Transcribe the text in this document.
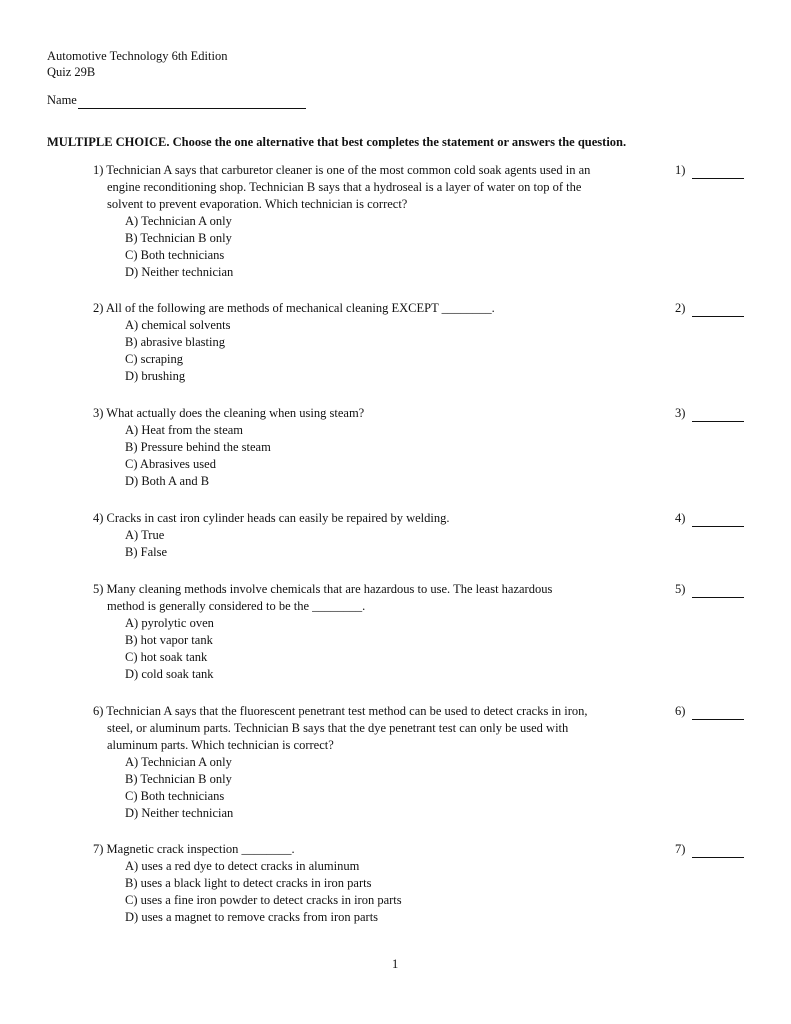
Automotive Technology 6th Edition
Quiz 29B
Name
MULTIPLE CHOICE. Choose the one alternative that best completes the statement or answers the question.
1) Technician A says that carburetor cleaner is one of the most common cold soak agents used in an
engine reconditioning shop. Technician B says that a hydroseal is a layer of water on top of the
solvent to prevent evaporation. Which technician is correct?
1)
A) Technician A only
B) Technician B only
C) Both technicians
D) Neither technician
2) All of the following are methods of mechanical cleaning EXCEPT ________.	2)
A) chemical solvents
B) abrasive blasting
C) scraping
D) brushing
3) What actually does the cleaning when using steam?	3)
A) Heat from the steam
B) Pressure behind the steam
C) Abrasives used
D) Both A and B
4) Cracks in cast iron cylinder heads can easily be repaired by welding.	4)
A) True
B) False
5) Many cleaning methods involve chemicals that are hazardous to use. The least hazardous
method is generally considered to be the ________.
5)
A) pyrolytic oven
B) hot vapor tank
C) hot soak tank
D) cold soak tank
6) Technician A says that the fluorescent penetrant test method can be used to detect cracks in iron,
steel, or aluminum parts. Technician B says that the dye penetrant test can only be used with
aluminum parts. Which technician is correct?
6)
A) Technician A only
B) Technician B only
C) Both technicians
D) Neither technician
7) Magnetic crack inspection ________.	7)
A) uses a red dye to detect cracks in aluminum
B) uses a black light to detect cracks in iron parts
C) uses a fine iron powder to detect cracks in iron parts
D) uses a magnet to remove cracks from iron parts
1
